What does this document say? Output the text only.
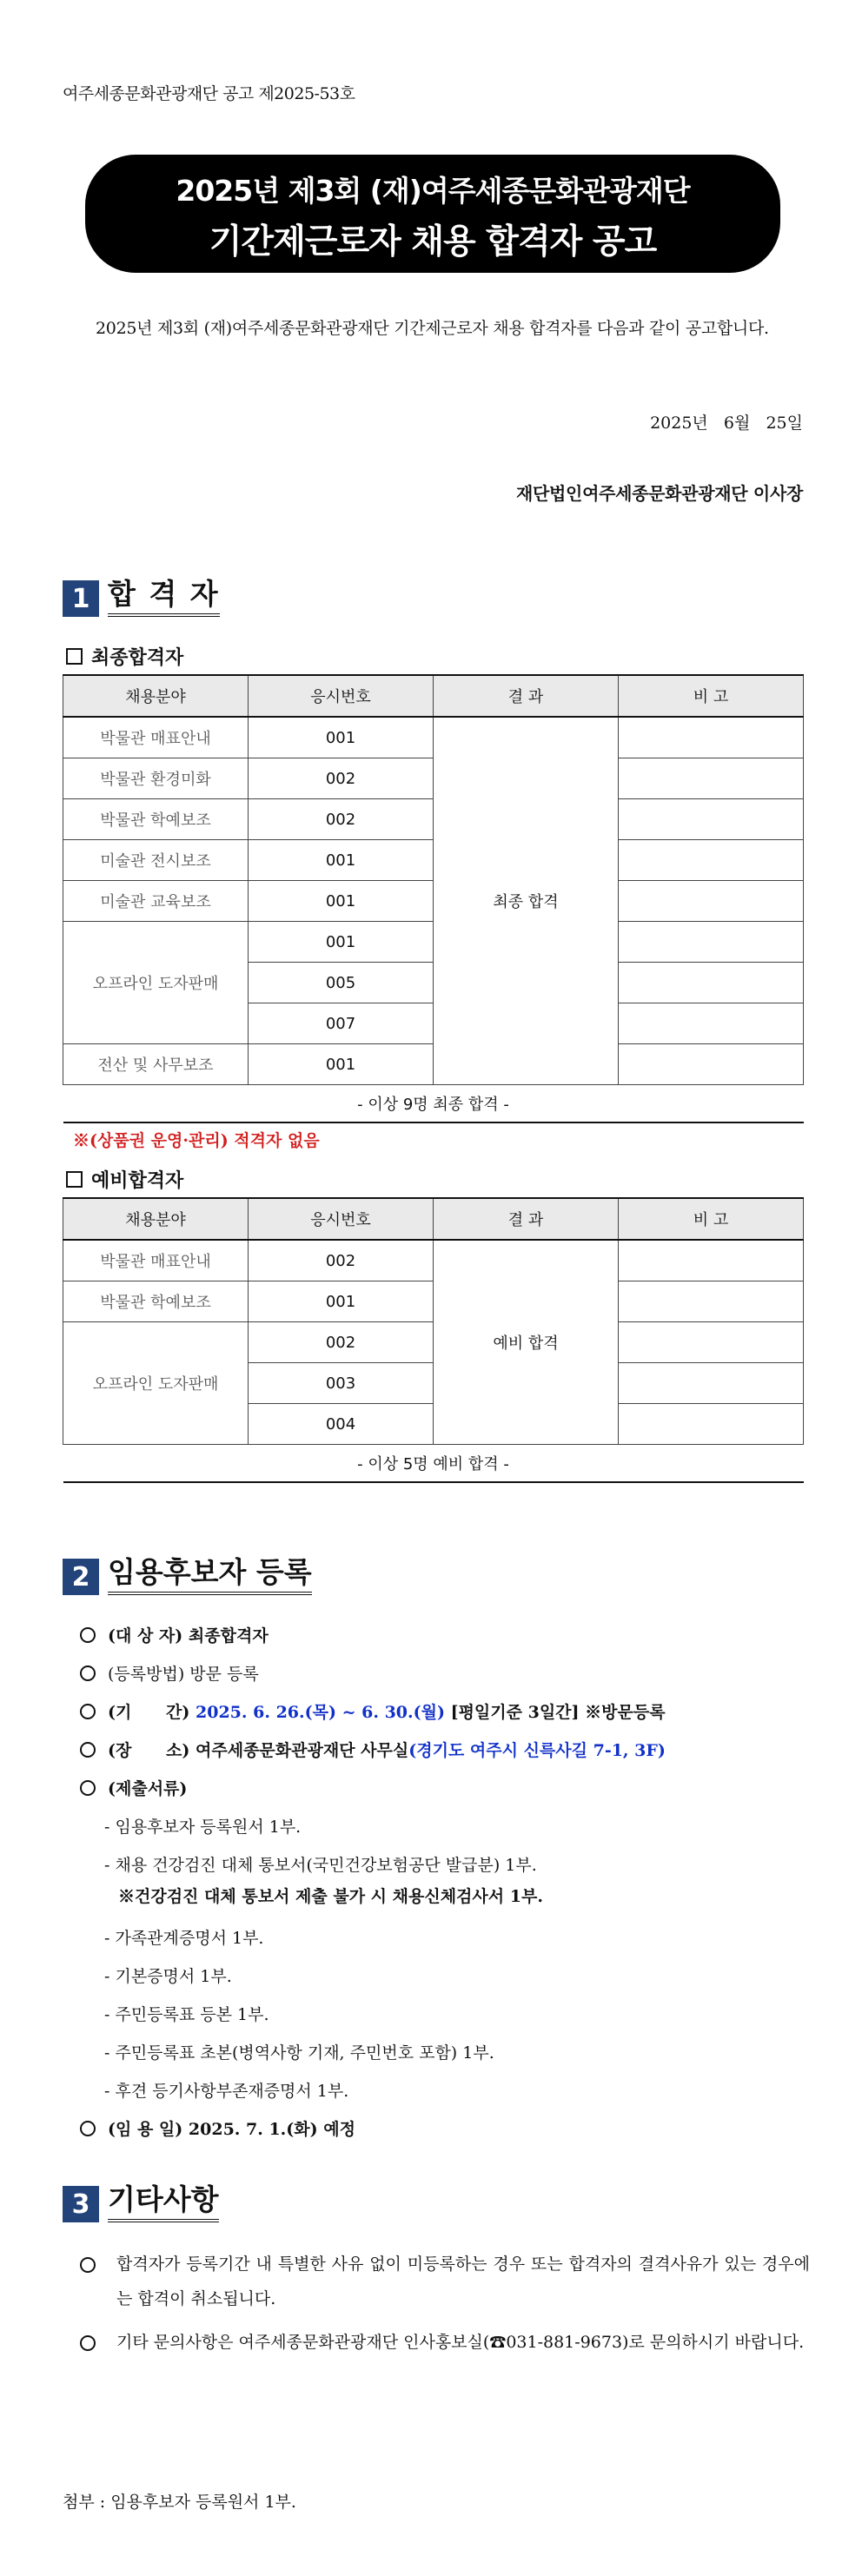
여주세종문화관광재단 공고 제2025-53호
2025년 제3회 (재)여주세종문화관광재단
기간제근로자 채용 합격자 공고
2025년 제3회 (재)여주세종문화관광재단 기간제근로자 채용 합격자를 다음과 같이 공고합니다.
2025년   6월   25일
재단법인여주세종문화관광재단 이사장
1 합 격 자
최종합격자
채용분야	응시번호	결 과	비 고
박물관 매표안내	001	최종 합격	
박물관 환경미화	002		
박물관 학예보조	002		
미술관 전시보조	001		
미술관 교육보조	001		
오프라인 도자판매	001		
	005		
	007		
전산 및 사무보조	001		
- 이상 9명 최종 합격 -			
※(상품권 운영·관리) 적격자 없음
예비합격자
채용분야	응시번호	결 과	비 고
박물관 매표안내	002	예비 합격	
박물관 학예보조	001		
오프라인 도자판매	002		
	003		
	004		
- 이상 5명 예비 합격 -			
2 임용후보자 등록
(대 상 자) 최종합격자
(등록방법) 방문 등록
(기      간) 2025. 6. 26.(목) ~ 6. 30.(월) [평일기준 3일간] ※방문등록
(장      소) 여주세종문화관광재단 사무실(경기도 여주시 신륵사길 7-1, 3F)
(제출서류)
- 임용후보자 등록원서 1부.
- 채용 건강검진 대체 통보서(국민건강보험공단 발급분) 1부.
※건강검진 대체 통보서 제출 불가 시 채용신체검사서 1부.
- 가족관계증명서 1부.
- 기본증명서 1부.
- 주민등록표 등본 1부.
- 주민등록표 초본(병역사항 기재, 주민번호 포함) 1부.
- 후견 등기사항부존재증명서 1부.
(임 용 일) 2025. 7. 1.(화) 예정
3 기타사항
합격자가 등록기간 내 특별한 사유 없이 미등록하는 경우 또는 합격자의 결격사유가 있는 경우에는 합격이 취소됩니다.
기타 문의사항은 여주세종문화관광재단 인사홍보실(☎031-881-9673)로 문의하시기 바랍니다.
첨부 : 임용후보자 등록원서 1부.
